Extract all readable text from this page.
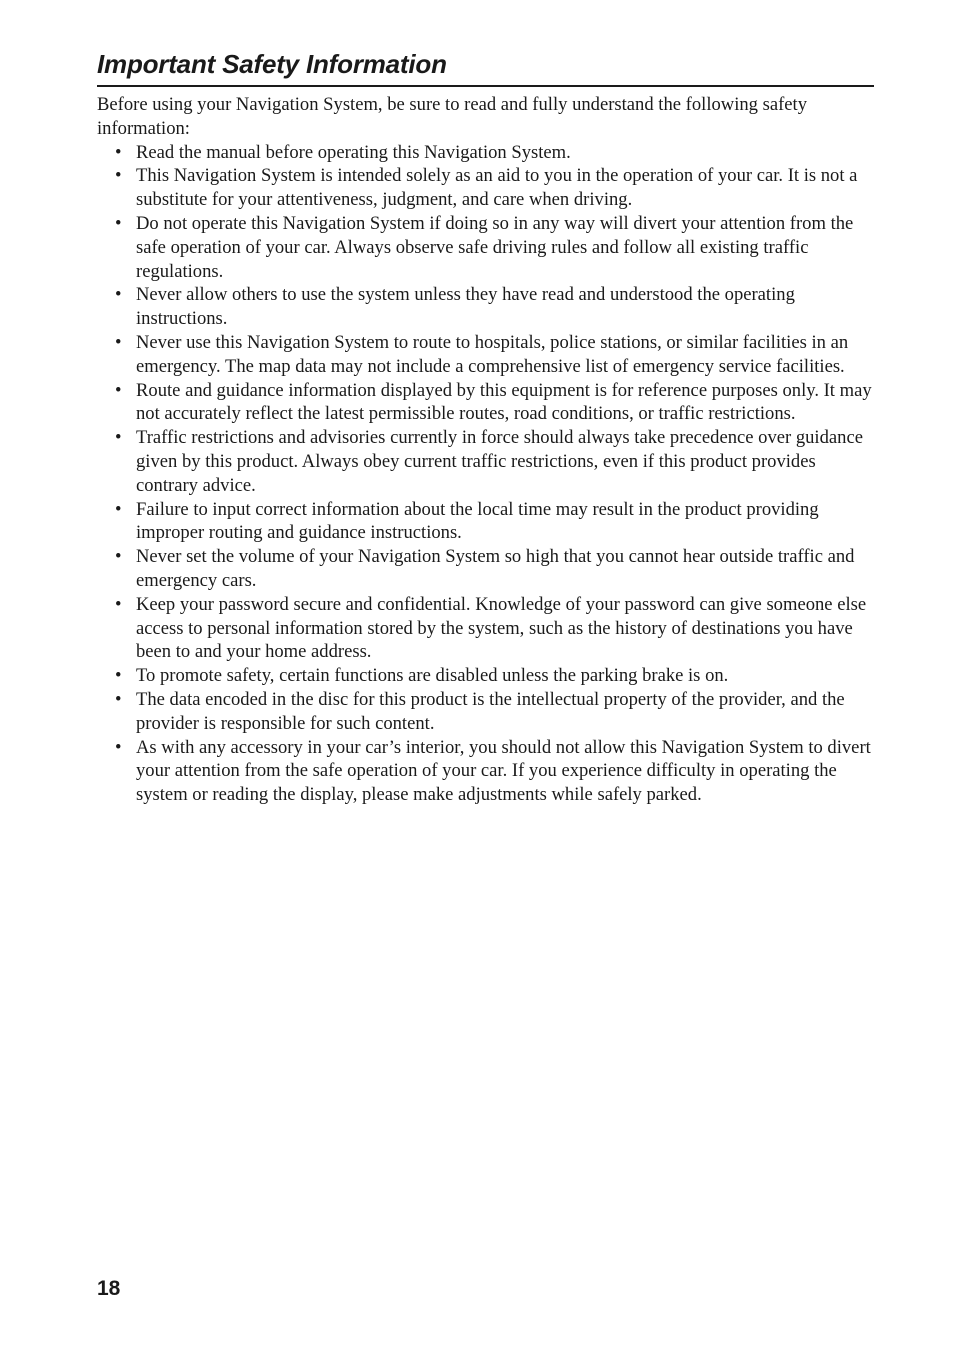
Important Safety Information

Before using your Navigation System, be sure to read and fully understand the following safety information:

• Read the manual before operating this Navigation System.
• This Navigation System is intended solely as an aid to you in the operation of your car. It is not a substitute for your attentiveness, judgment, and care when driving.
• Do not operate this Navigation System if doing so in any way will divert your attention from the safe operation of your car. Always observe safe driving rules and follow all existing traffic regulations.
• Never allow others to use the system unless they have read and understood the operating instructions.
• Never use this Navigation System to route to hospitals, police stations, or similar facilities in an emergency. The map data may not include a comprehensive list of emergency service facilities.
• Route and guidance information displayed by this equipment is for reference purposes only. It may not accurately reflect the latest permissible routes, road conditions, or traffic restrictions.
• Traffic restrictions and advisories currently in force should always take precedence over guidance given by this product. Always obey current traffic restrictions, even if this product provides contrary advice.
• Failure to input correct information about the local time may result in the product providing improper routing and guidance instructions.
• Never set the volume of your Navigation System so high that you cannot hear outside traffic and emergency cars.
• Keep your password secure and confidential. Knowledge of your password can give someone else access to personal information stored by the system, such as the history of destinations you have been to and your home address.
• To promote safety, certain functions are disabled unless the parking brake is on.
• The data encoded in the disc for this product is the intellectual property of the provider, and the provider is responsible for such content.
• As with any accessory in your car’s interior, you should not allow this Navigation System to divert your attention from the safe operation of your car. If you experience difficulty in operating the system or reading the display, please make adjustments while safely parked.
18
